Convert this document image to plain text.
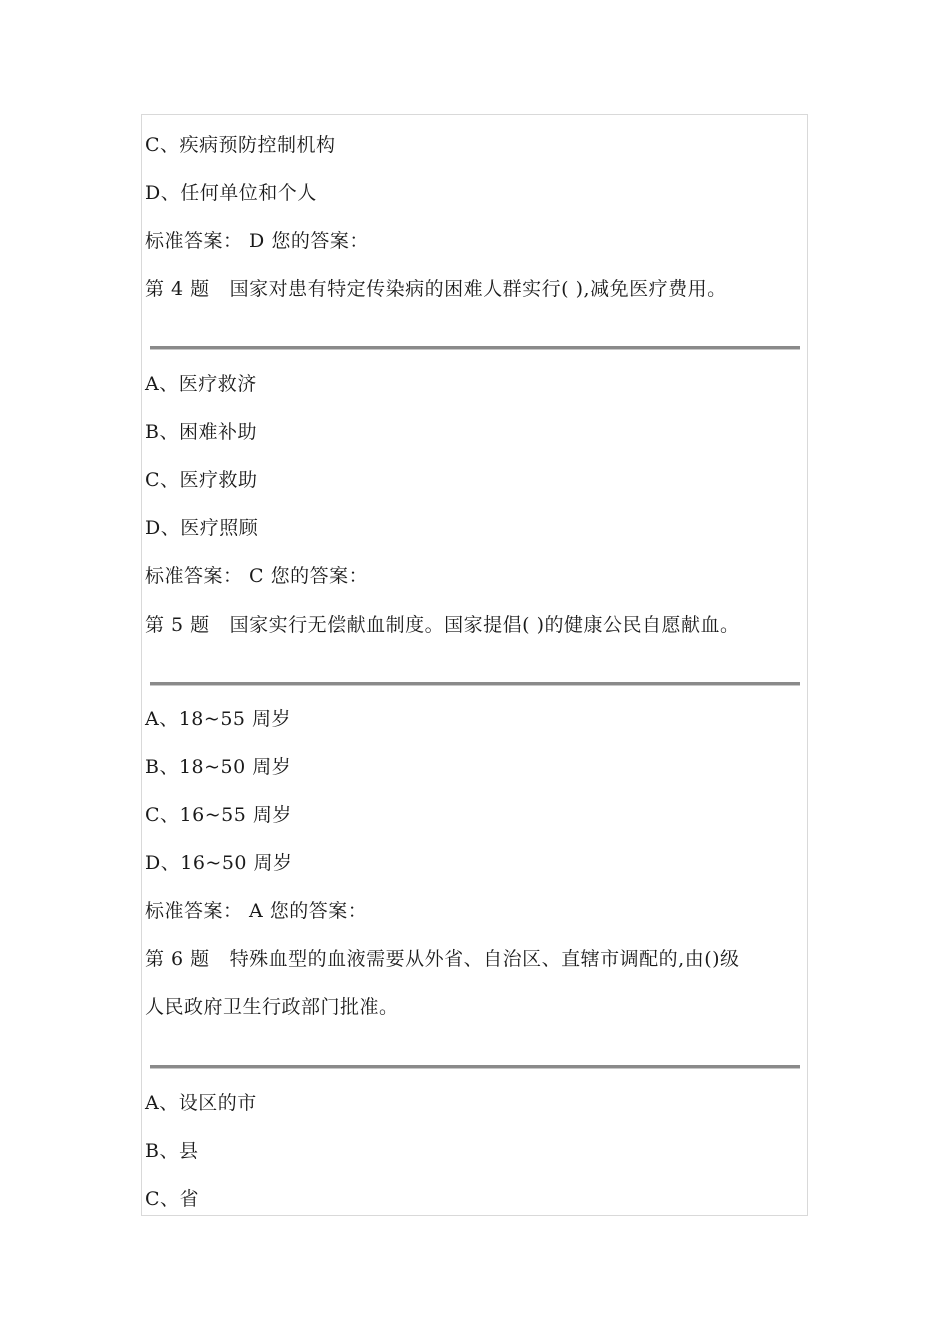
C、疾病预防控制机构
D、任何单位和个人
标准答案： D 您的答案：
第 4 题 国家对患有特定传染病的困难人群实行( ),减免医疗费用。
A、医疗救济
B、困难补助
C、医疗救助
D、医疗照顾
标准答案： C 您的答案：
第 5 题 国家实行无偿献血制度。国家提倡( )的健康公民自愿献血。
A、18~55 周岁
B、18~50 周岁
C、16~55 周岁
D、16~50 周岁
标准答案： A 您的答案：
第 6 题 特殊血型的血液需要从外省、自治区、直辖市调配的,由()级
人民政府卫生行政部门批准。
A、设区的市
B、县
C、省
